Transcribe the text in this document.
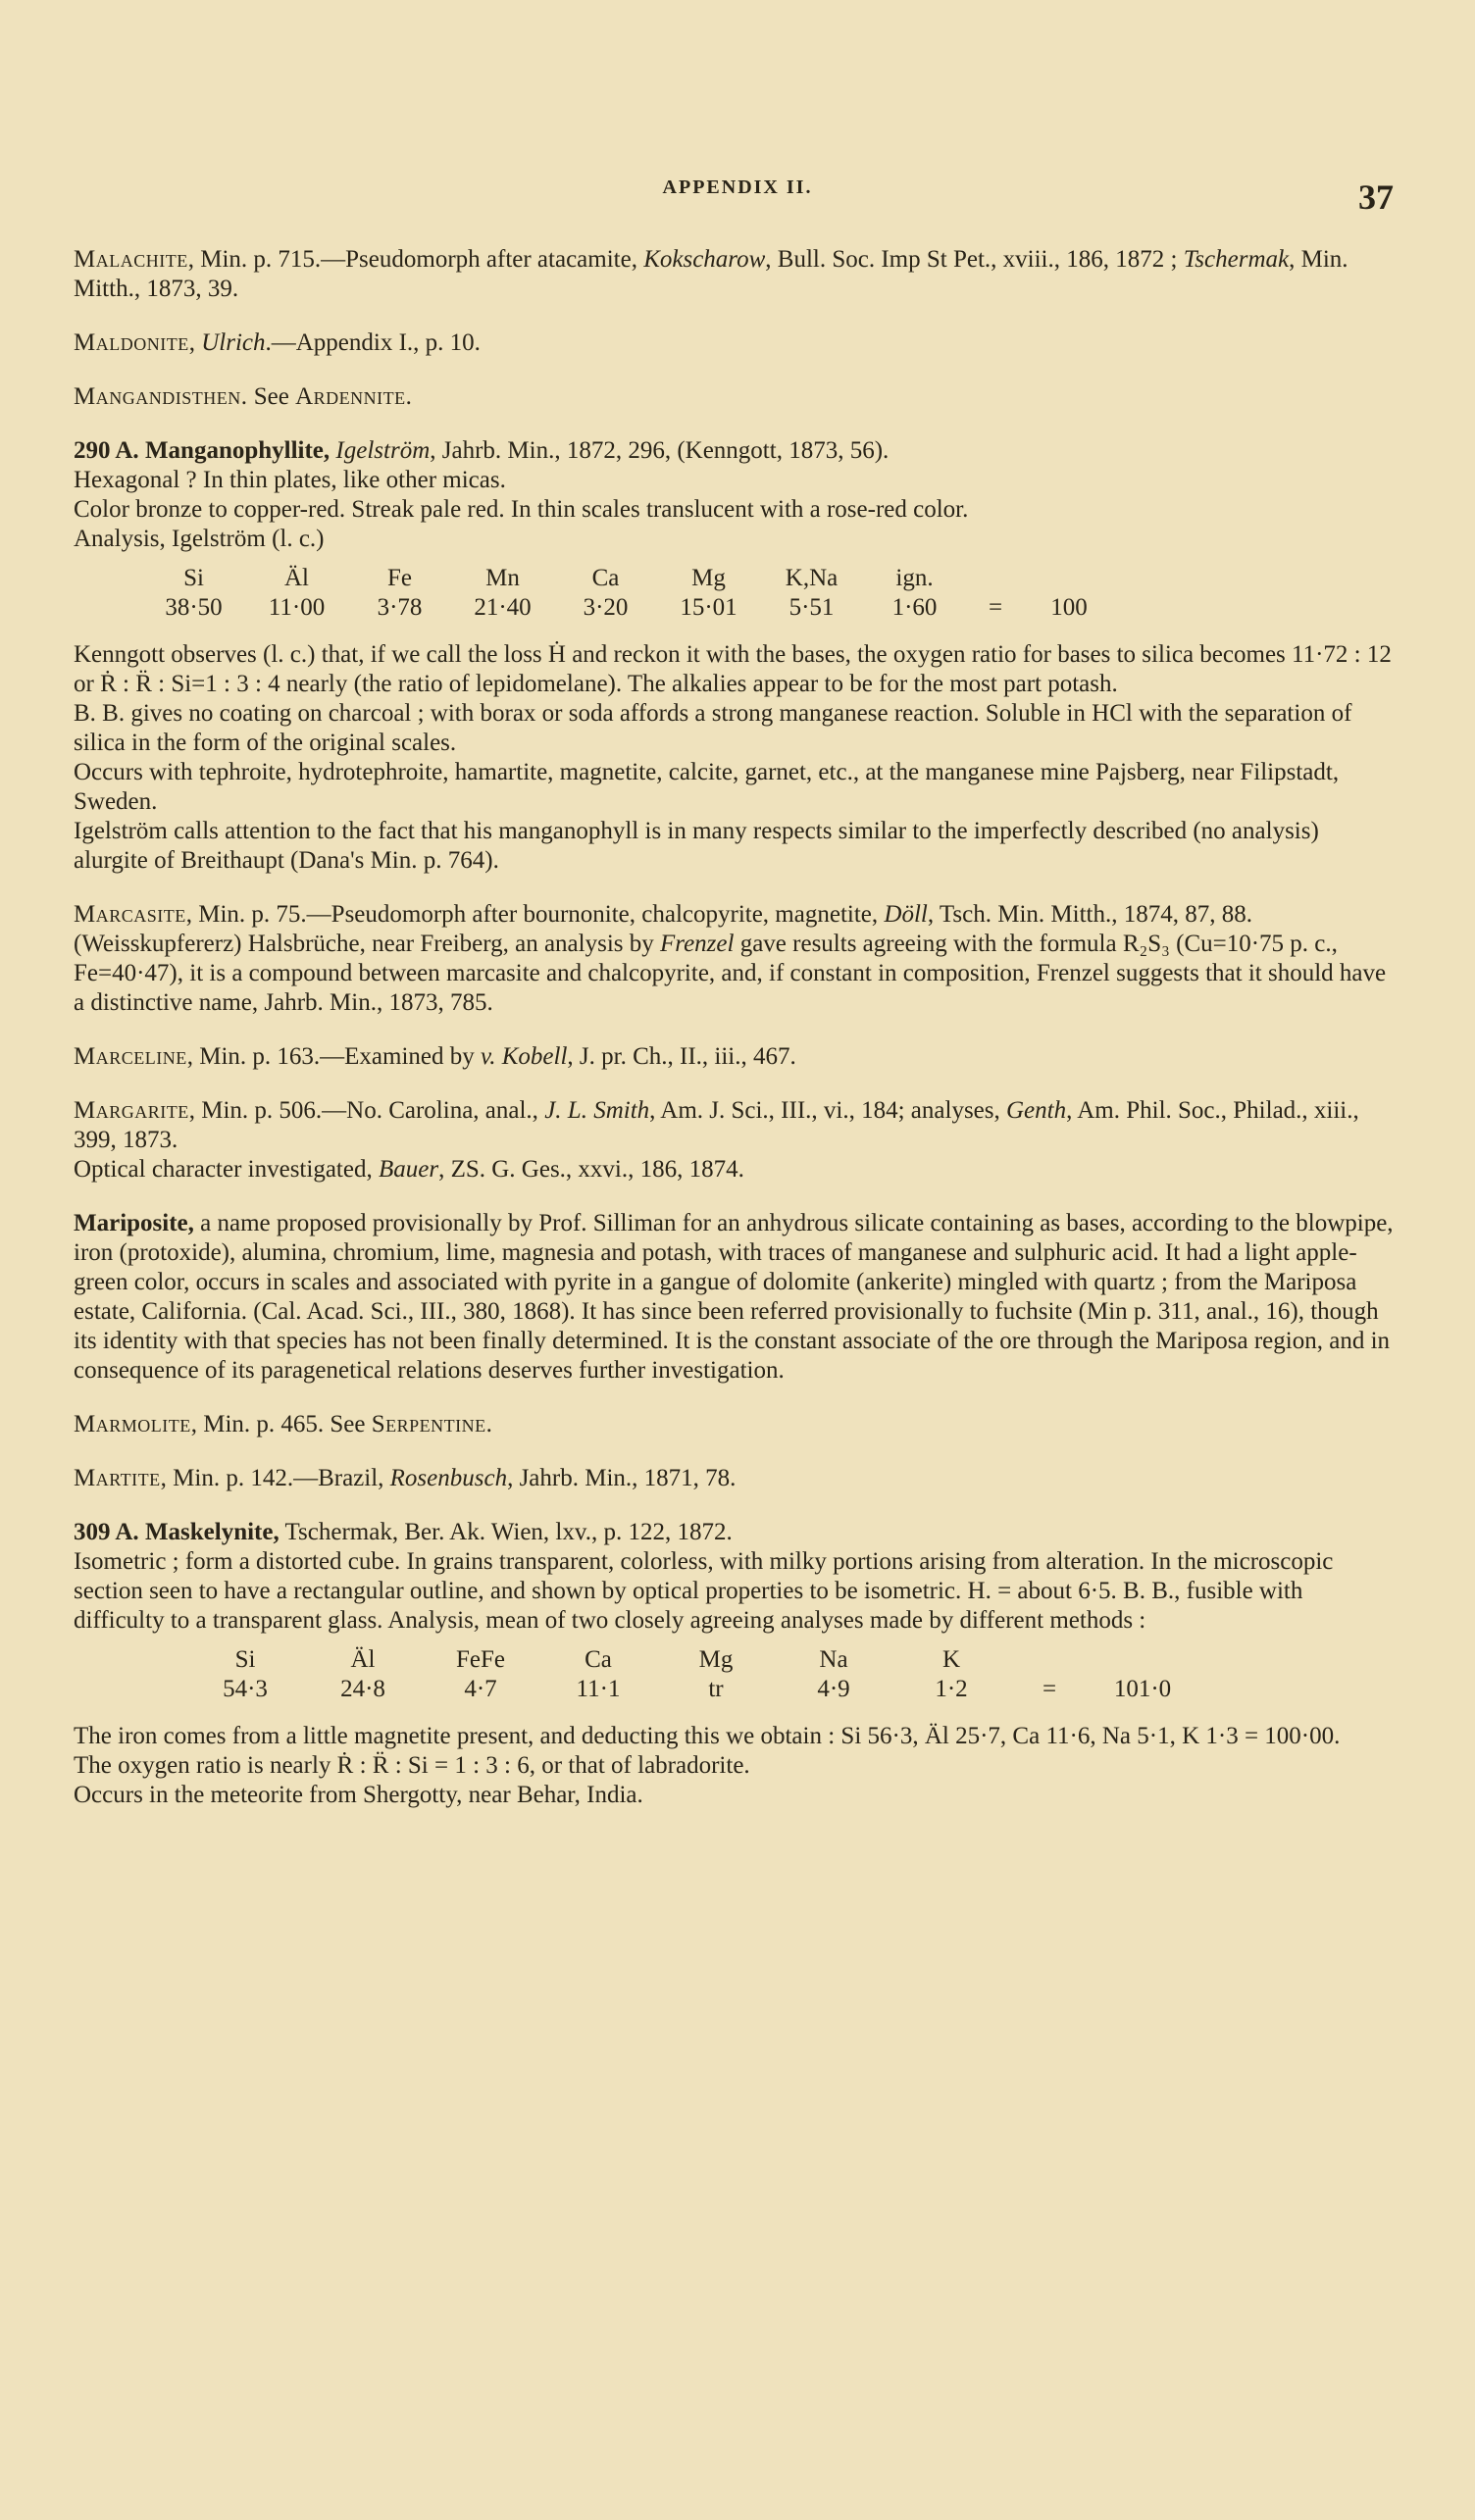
APPENDIX II.	37

Malachite, Min. p. 715.—Pseudomorph after atacamite, Kokscharow, Bull. Soc. Imp St Pet., xviii., 186, 1872 ; Tschermak, Min. Mitth., 1873, 39.

Maldonite, Ulrich.—Appendix I., p. 10.

Mangandisthen. See Ardennite.

290 A. Manganophyllite, Igelström, Jahrb. Min., 1872, 296, (Kenngott, 1873, 56).

Hexagonal ? In thin plates, like other micas.

Color bronze to copper-red. Streak pale red. In thin scales translucent with a rose-red color.

Analysis, Igelström (l. c.)

Si	Äl	Fe	Mn	Ca	Mg	K,Na	ign.
38·50	11·00	3·78	21·40	3·20	15·01	5·51	1·60	=	100

Kenngott observes (l. c.) that, if we call the loss Ḣ and reckon it with the bases, the oxygen ratio for bases to silica becomes 11·72 : 12 or Ṙ : R̈ : Si=1 : 3 : 4 nearly (the ratio of lepidomelane). The alkalies appear to be for the most part potash.

B. B. gives no coating on charcoal ; with borax or soda affords a strong manganese reaction. Soluble in HCl with the separation of silica in the form of the original scales.

Occurs with tephroite, hydrotephroite, hamartite, magnetite, calcite, garnet, etc., at the manganese mine Pajsberg, near Filipstadt, Sweden.

Igelström calls attention to the fact that his manganophyll is in many respects similar to the imperfectly described (no analysis) alurgite of Breithaupt (Dana's Min. p. 764).

Marcasite, Min. p. 75.—Pseudomorph after bournonite, chalcopyrite, magnetite, Döll, Tsch. Min. Mitth., 1874, 87, 88.

(Weisskupfererz) Halsbrüche, near Freiberg, an analysis by Frenzel gave results agreeing with the formula R₂S₃ (Cu=10·75 p. c., Fe=40·47), it is a compound between marcasite and chalcopyrite, and, if constant in composition, Frenzel suggests that it should have a distinctive name, Jahrb. Min., 1873, 785.

Marceline, Min. p. 163.—Examined by v. Kobell, J. pr. Ch., II., iii., 467.

Margarite, Min. p. 506.—No. Carolina, anal., J. L. Smith, Am. J. Sci., III., vi., 184; analyses, Genth, Am. Phil. Soc., Philad., xiii., 399, 1873.

Optical character investigated, Bauer, ZS. G. Ges., xxvi., 186, 1874.

Mariposite, a name proposed provisionally by Prof. Silliman for an anhydrous silicate containing as bases, according to the blowpipe, iron (protoxide), alumina, chromium, lime, magnesia and potash, with traces of manganese and sulphuric acid. It had a light apple-green color, occurs in scales and associated with pyrite in a gangue of dolomite (ankerite) mingled with quartz ; from the Mariposa estate, California. (Cal. Acad. Sci., III., 380, 1868). It has since been referred provisionally to fuchsite (Min p. 311, anal., 16), though its identity with that species has not been finally determined. It is the constant associate of the ore through the Mariposa region, and in consequence of its paragenetical relations deserves further investigation.

Marmolite, Min. p. 465. See Serpentine.

Martite, Min. p. 142.—Brazil, Rosenbusch, Jahrb. Min., 1871, 78.

309 A. Maskelynite, Tschermak, Ber. Ak. Wien, lxv., p. 122, 1872.

Isometric ; form a distorted cube. In grains transparent, colorless, with milky portions arising from alteration. In the microscopic section seen to have a rectangular outline, and shown by optical properties to be isometric. H. = about 6·5. B. B., fusible with difficulty to a transparent glass. Analysis, mean of two closely agreeing analyses made by different methods :

Si	Äl	FeFe	Ca	Mg	Na	K
54·3	24·8	4·7	11·1	tr	4·9	1·2	=	101·0

The iron comes from a little magnetite present, and deducting this we obtain : Si 56·3, Äl 25·7, Ca 11·6, Na 5·1, K 1·3 = 100·00.

The oxygen ratio is nearly Ṙ : R̈ : Si = 1 : 3 : 6, or that of labradorite.

Occurs in the meteorite from Shergotty, near Behar, India.
